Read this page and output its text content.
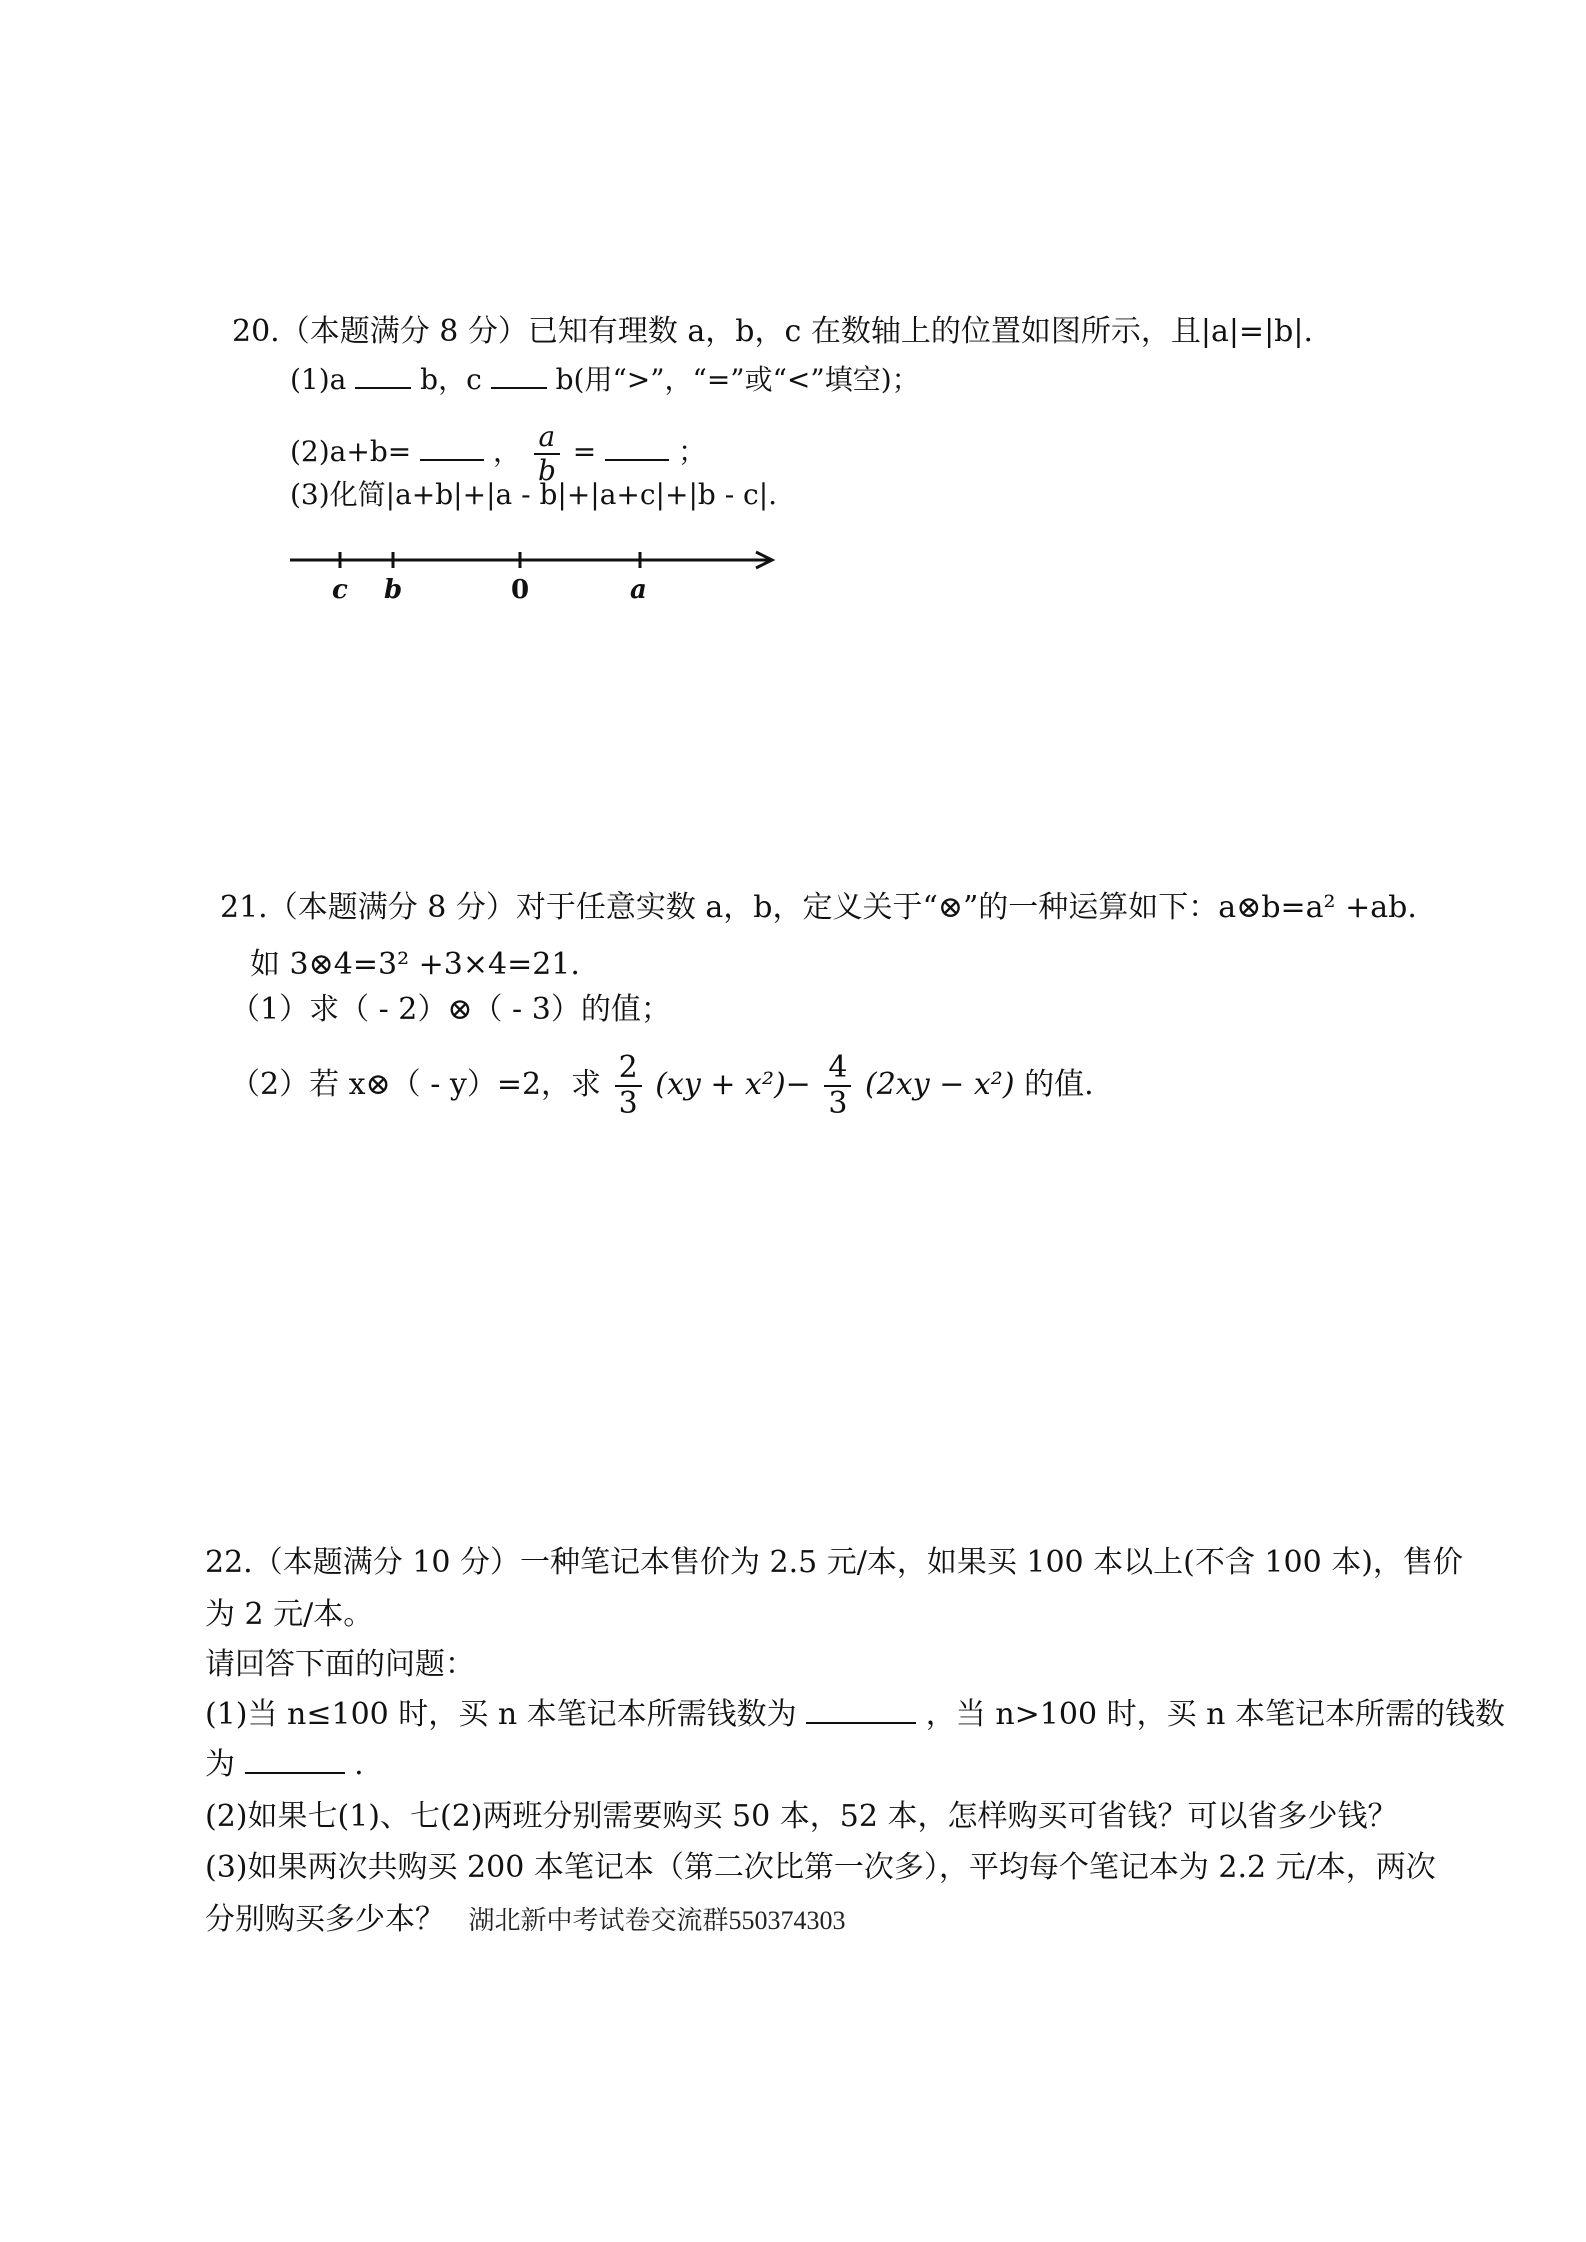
20.（本题满分 8 分）已知有理数 a，b，c 在数轴上的位置如图所示，且|a|=|b|.
(1)a	b，c	b(用“>”，“=”或“<”填空)；
(2)a+b=	， $\frac{a}{b}$ =	；
(3)化简|a+b|+|a - b|+|a+c|+|b - c|.
c b	0	a
21.（本题满分 8 分）对于任意实数 a，b，定义关于“⊗”的一种运算如下：a⊗b=a² +ab.
如 3⊗4=3² +3×4=21.
（1）求（ - 2）⊗（ - 3）的值；
（2）若 x⊗（ - y）=2，求 $\frac{2}{3} (xy + x^2)- \frac{4}{3} (2xy - x^2)$ 的值.
22.（本题满分 10 分）一种笔记本售价为 2.5 元/本，如果买 100 本以上(不含 100 本)，售价
为 2 元/本。
请回答下面的问题：
(1)当 n≤100 时，买 n 本笔记本所需钱数为	，当 n>100 时，买 n 本笔记本所需的钱数
为	.
(2)如果七(1)、七(2)两班分别需要购买 50 本，52 本，怎样购买可省钱？可以省多少钱？
(3)如果两次共购买 200 本笔记本（第二次比第一次多），平均每个笔记本为 2.2 元/本，两次
分别购买多少本？ 湖北新中考试卷交流群550374303
